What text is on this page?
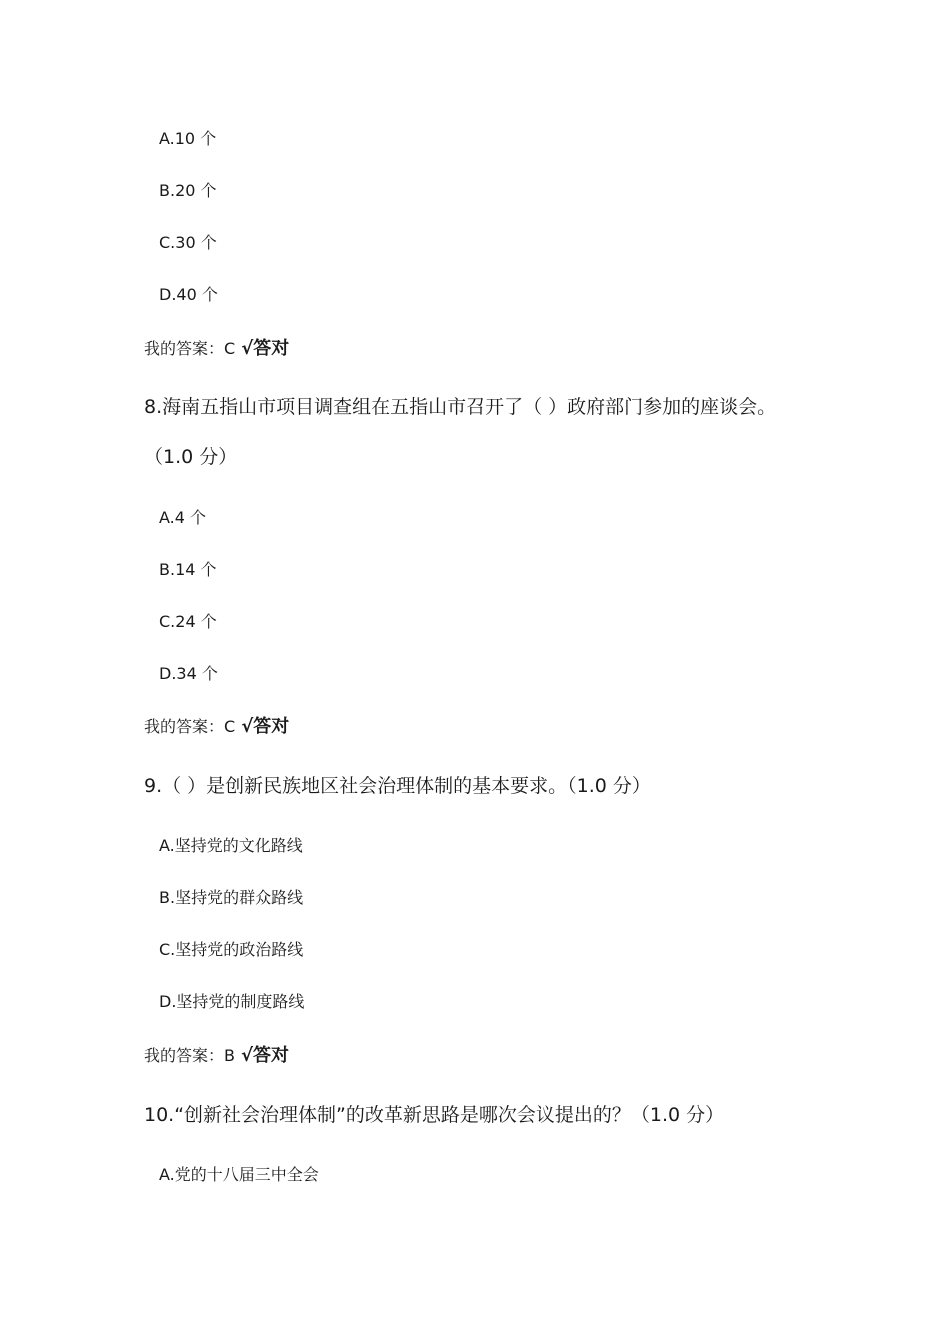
A.10 个
B.20 个
C.30 个
D.40 个
我的答案：C √答对
8.海南五指山市项目调查组在五指山市召开了（ ）政府部门参加的座谈会。
（1.0 分）
A.4 个
B.14 个
C.24 个
D.34 个
我的答案：C √答对
9.（ ）是创新民族地区社会治理体制的基本要求。（1.0 分）
A.坚持党的文化路线
B.坚持党的群众路线
C.坚持党的政治路线
D.坚持党的制度路线
我的答案：B √答对
10.“创新社会治理体制”的改革新思路是哪次会议提出的？（1.0 分）
A.党的十八届三中全会
